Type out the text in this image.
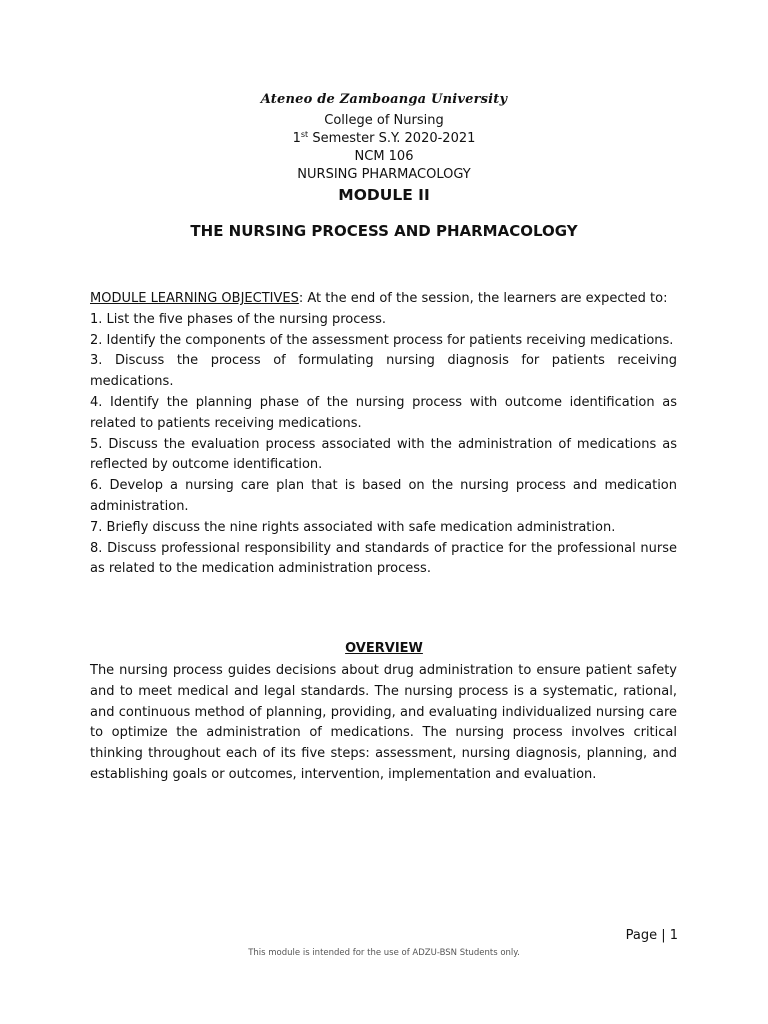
Ateneo de Zamboanga University
College of Nursing
1st Semester S.Y. 2020-2021
NCM 106
NURSING PHARMACOLOGY
MODULE II
THE NURSING PROCESS AND PHARMACOLOGY

MODULE LEARNING OBJECTIVES: At the end of the session, the learners are expected to:

1. List the five phases of the nursing process.

2. Identify the components of the assessment process for patients receiving medications.

3. Discuss the process of formulating nursing diagnosis for patients receiving medications.

4. Identify the planning phase of the nursing process with outcome identification as related to patients receiving medications.

5. Discuss the evaluation process associated with the administration of medications as reflected by outcome identification.

6. Develop a nursing care plan that is based on the nursing process and medication administration.

7. Briefly discuss the nine rights associated with safe medication administration.

8. Discuss professional responsibility and standards of practice for the professional nurse as related to the medication administration process.

OVERVIEW
The nursing process guides decisions about drug administration to ensure patient safety and to meet medical and legal standards. The nursing process is a systematic, rational, and continuous method of planning, providing, and evaluating individualized nursing care to optimize the administration of medications. The nursing process involves critical thinking throughout each of its five steps: assessment, nursing diagnosis, planning, and establishing goals or outcomes, intervention, implementation and evaluation.
Page | 1
This module is intended for the use of ADZU-BSN Students only.
